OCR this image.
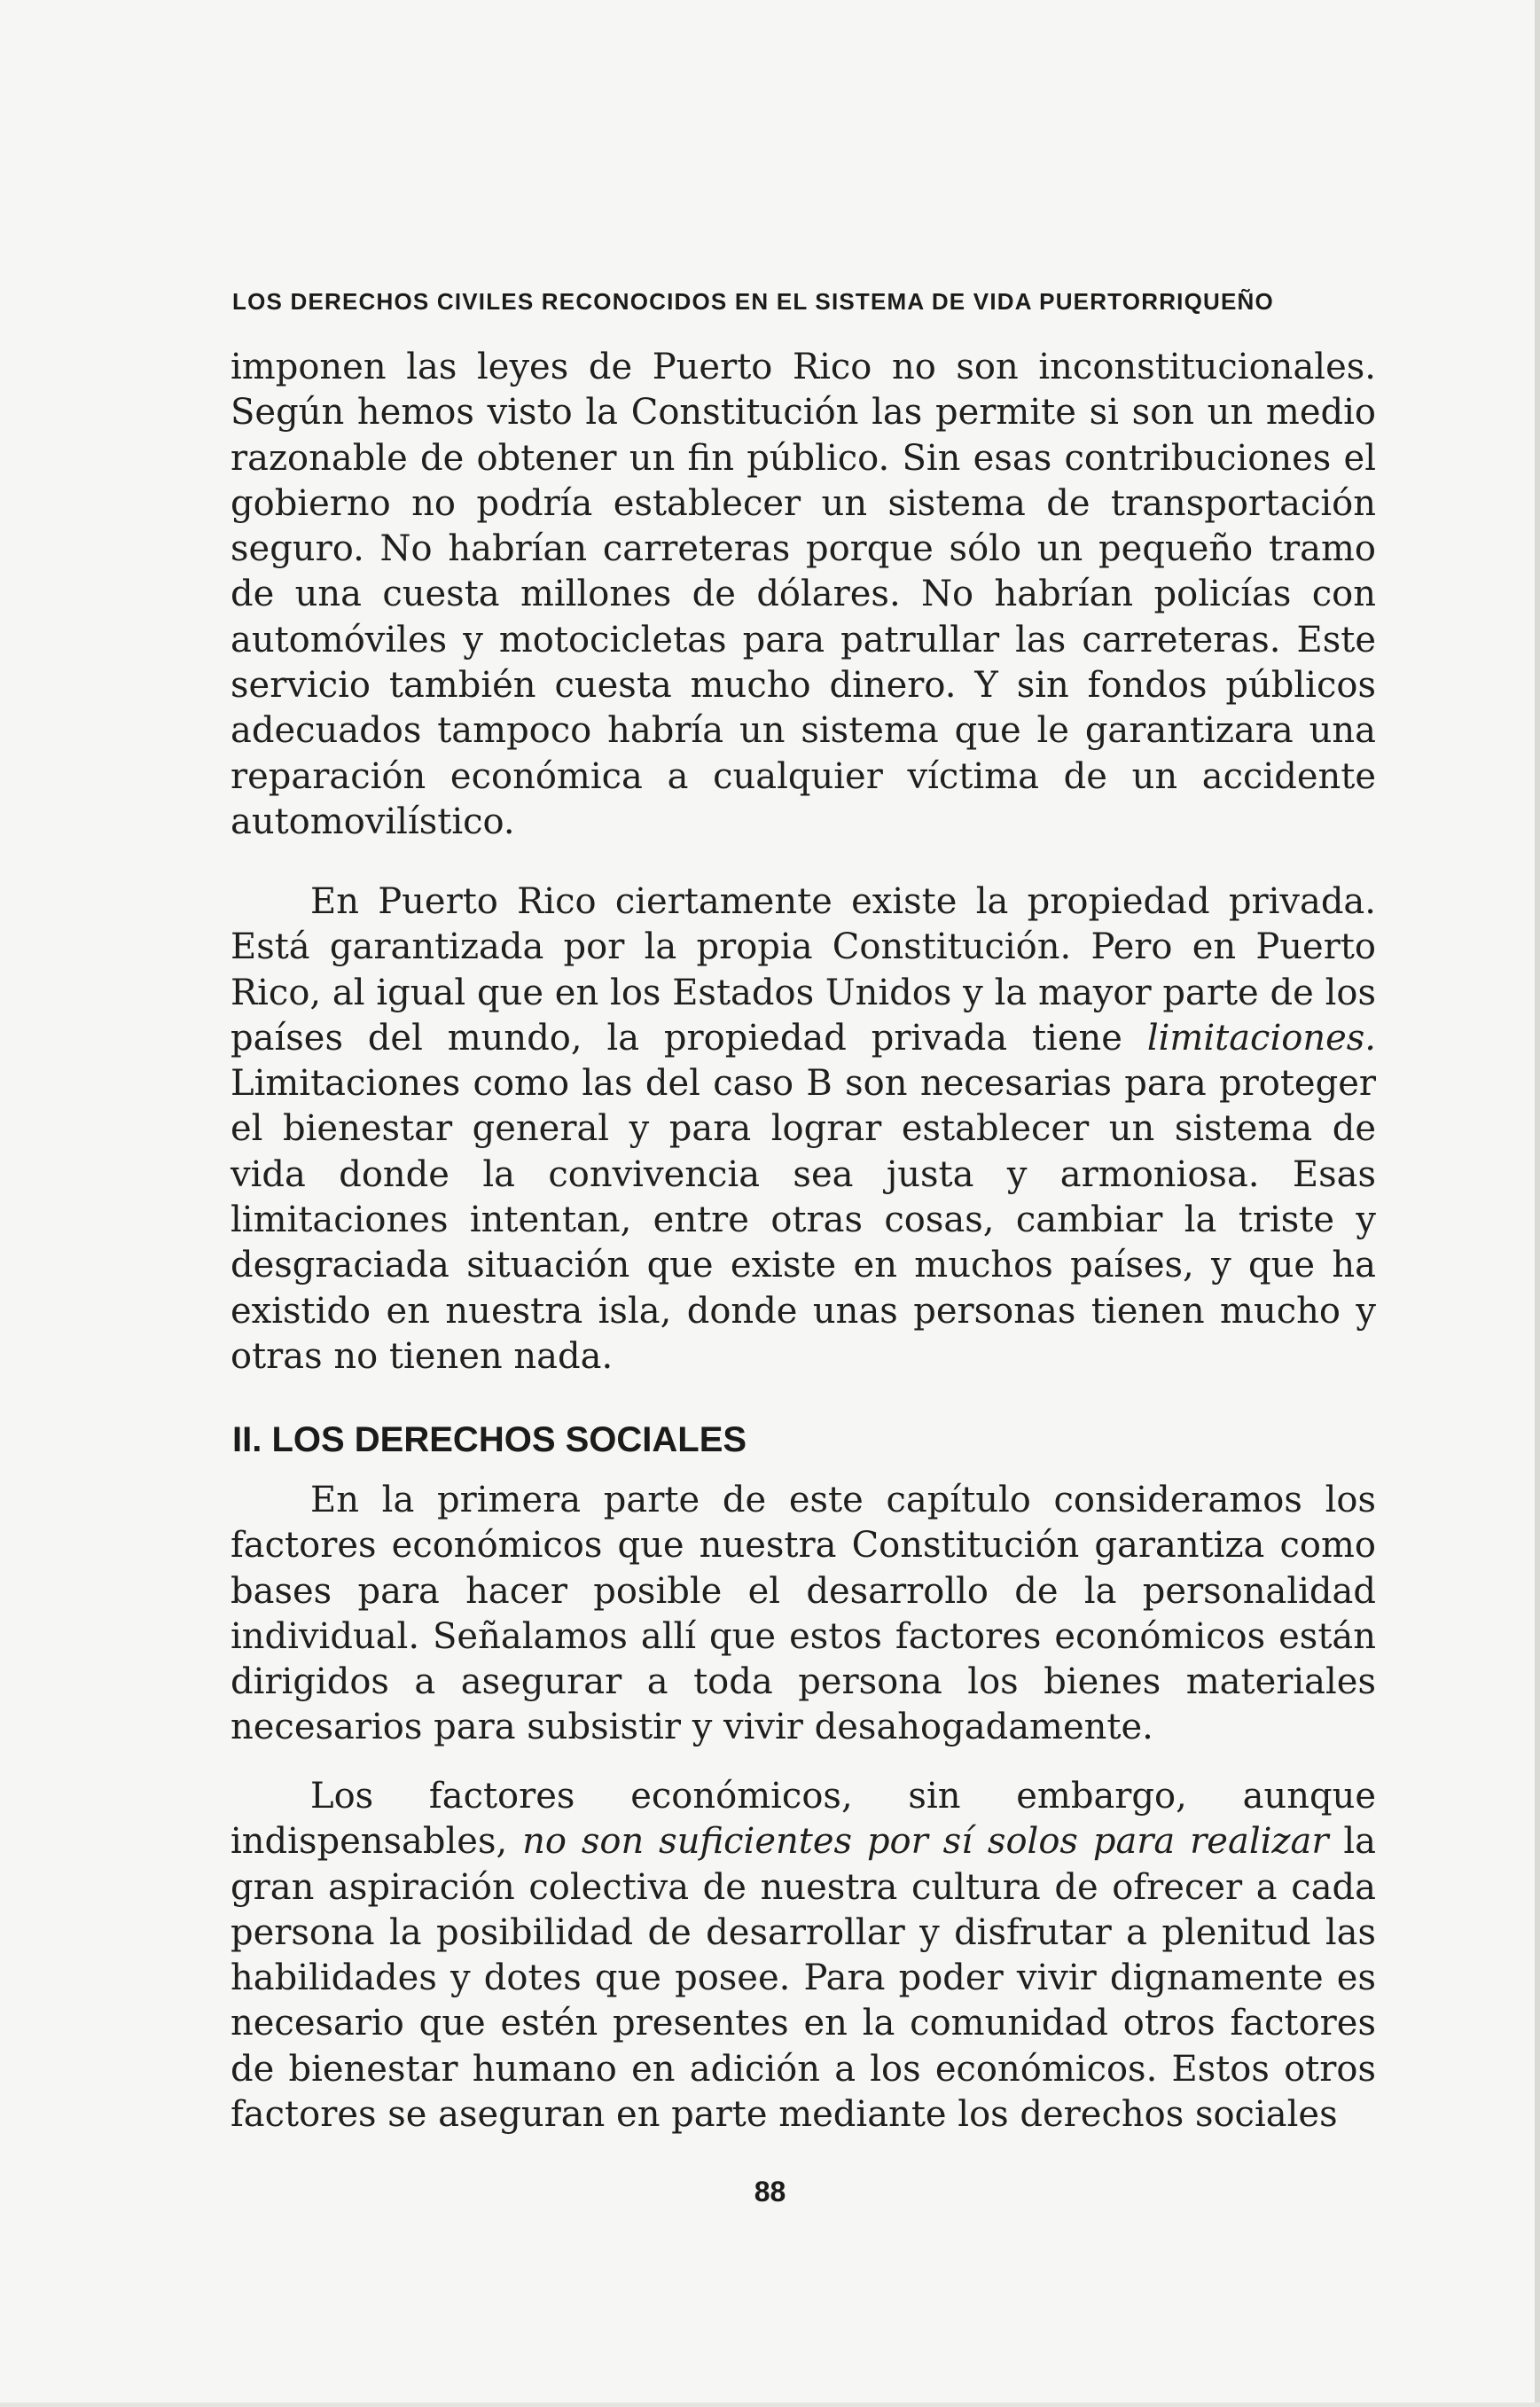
LOS DERECHOS CIVILES RECONOCIDOS EN EL SISTEMA DE VIDA PUERTORRIQUEÑO

imponen las leyes de Puerto Rico no son inconstitucionales. Según hemos visto la Constitución las permite si son un medio razonable de obtener un fin público. Sin esas contribuciones el gobierno no podría establecer un sistema de transportación seguro. No habrían carreteras porque sólo un pequeño tramo de una cuesta millones de dólares. No habrían policías con automóviles y motocicletas para patrullar las carreteras. Este servicio también cuesta mucho dinero. Y sin fondos públicos adecuados tampoco habría un sistema que le garantizara una reparación económica a cualquier víctima de un accidente automovilístico.

En Puerto Rico ciertamente existe la propiedad privada. Está garantizada por la propia Constitución. Pero en Puerto Rico, al igual que en los Estados Unidos y la mayor parte de los países del mundo, la propiedad privada tiene limitaciones. Limitaciones como las del caso B son necesarias para proteger el bienestar general y para lograr establecer un sistema de vida donde la convivencia sea justa y armoniosa. Esas limitaciones intentan, entre otras cosas, cambiar la triste y desgraciada situación que existe en muchos países, y que ha existido en nuestra isla, donde unas personas tienen mucho y otras no tienen nada.

II. LOS DERECHOS SOCIALES

En la primera parte de este capítulo consideramos los factores económicos que nuestra Constitución garantiza como bases para hacer posible el desarrollo de la personalidad individual. Señalamos allí que estos factores económicos están dirigidos a asegurar a toda persona los bienes materiales necesarios para subsistir y vivir desahogadamente.

Los factores económicos, sin embargo, aunque indispensables, no son suficientes por sí solos para realizar la gran aspiración colectiva de nuestra cultura de ofrecer a cada persona la posibilidad de desarrollar y disfrutar a plenitud las habilidades y dotes que posee. Para poder vivir dignamente es necesario que estén presentes en la comunidad otros factores de bienestar humano en adición a los económicos. Estos otros factores se aseguran en parte mediante los derechos sociales

88
